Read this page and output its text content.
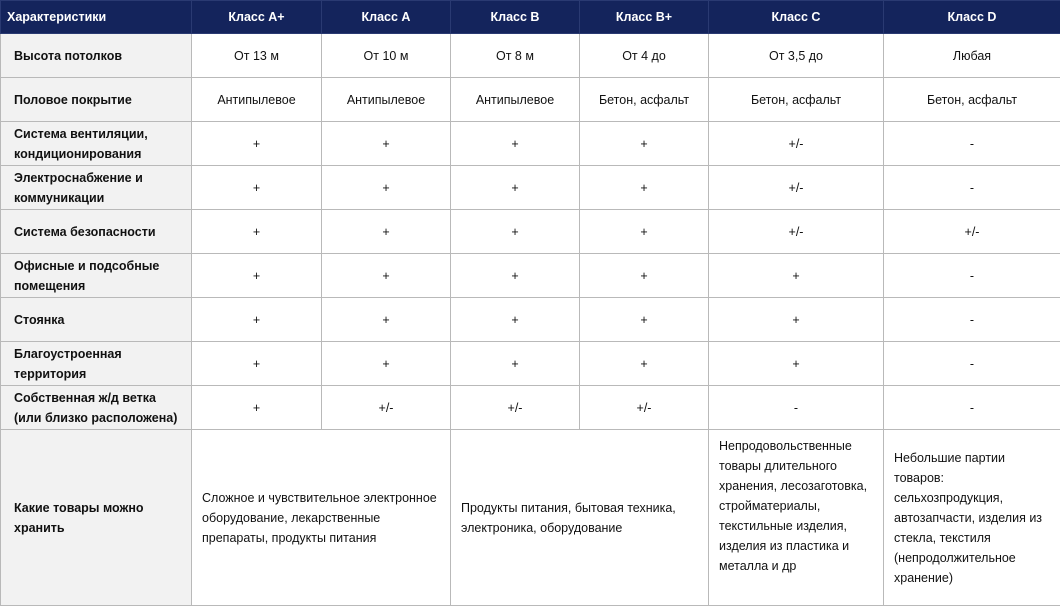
Характеристики	Класс А+	Класс А	Класс В	Класс В+	Класс С	Класс D
Высота потолков	От 13 м	От 10 м	От 8 м	От 4 до	От 3,5 до	Любая
Половое покрытие	Антипылевое	Антипылевое	Антипылевое	Бетон, асфальт	Бетон, асфальт	Бетон, асфальт
Система вентиляции, кондиционирования	+	+	+	+	+/-	-
Электроснабжение и коммуникации	+	+	+	+	+/-	-
Система безопасности	+	+	+	+	+/-	+/-
Офисные и подсобные помещения	+	+	+	+	+	-
Стоянка	+	+	+	+	+	-
Благоустроенная территория	+	+	+	+	+	-
Собственная ж/д ветка (или близко расположена)	+	+/-	+/-	+/-	-	-
Какие товары можно хранить	Сложное и чувствительное электронное оборудование, лекарственные препараты, продукты питания		Продукты питания, бытовая техника, электроника, оборудование		Непродовольственные товары длительного хранения, лесозаготовка, стройматериалы, текстильные изделия, изделия из пластика и металла и др	Небольшие партии товаров: сельхозпродукция, автозапчасти, изделия из стекла, текстиля (непродолжительное хранение)
